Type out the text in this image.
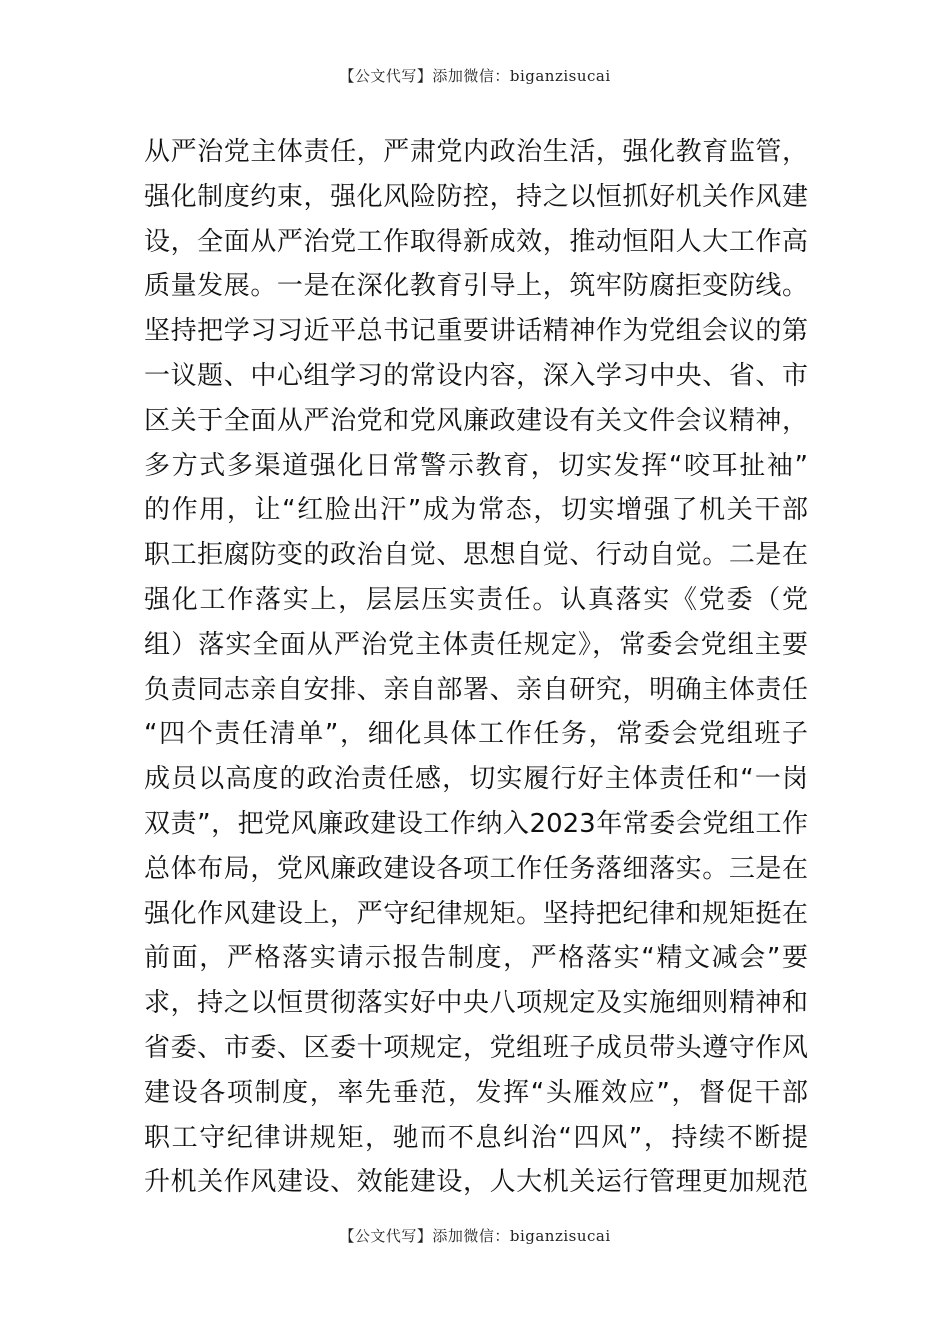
【公文代写】添加微信：biganzisucai
从严治党主体责任，严肃党内政治生活，强化教育监管，
强化制度约束，强化风险防控，持之以恒抓好机关作风建
设，全面从严治党工作取得新成效，推动恒阳人大工作高
质量发展。一是在深化教育引导上，筑牢防腐拒变防线。
坚持把学习习近平总书记重要讲话精神作为党组会议的第
一议题、中心组学习的常设内容，深入学习中央、省、市
区关于全面从严治党和党风廉政建设有关文件会议精神，
多方式多渠道强化日常警示教育，切实发挥“咬耳扯袖”
的作用，让“红脸出汗”成为常态，切实增强了机关干部
职工拒腐防变的政治自觉、思想自觉、行动自觉。二是在
强化工作落实上，层层压实责任。认真落实《党委（党
组）落实全面从严治党主体责任规定》，常委会党组主要
负责同志亲自安排、亲自部署、亲自研究，明确主体责任
“四个责任清单”，细化具体工作任务，常委会党组班子
成员以高度的政治责任感，切实履行好主体责任和“一岗
双责”，把党风廉政建设工作纳入2023年常委会党组工作
总体布局，党风廉政建设各项工作任务落细落实。三是在
强化作风建设上，严守纪律规矩。坚持把纪律和规矩挺在
前面，严格落实请示报告制度，严格落实“精文减会”要
求，持之以恒贯彻落实好中央八项规定及实施细则精神和
省委、市委、区委十项规定，党组班子成员带头遵守作风
建设各项制度，率先垂范，发挥“头雁效应”，督促干部
职工守纪律讲规矩，驰而不息纠治“四风”，持续不断提
升机关作风建设、效能建设，人大机关运行管理更加规范
【公文代写】添加微信：biganzisucai
